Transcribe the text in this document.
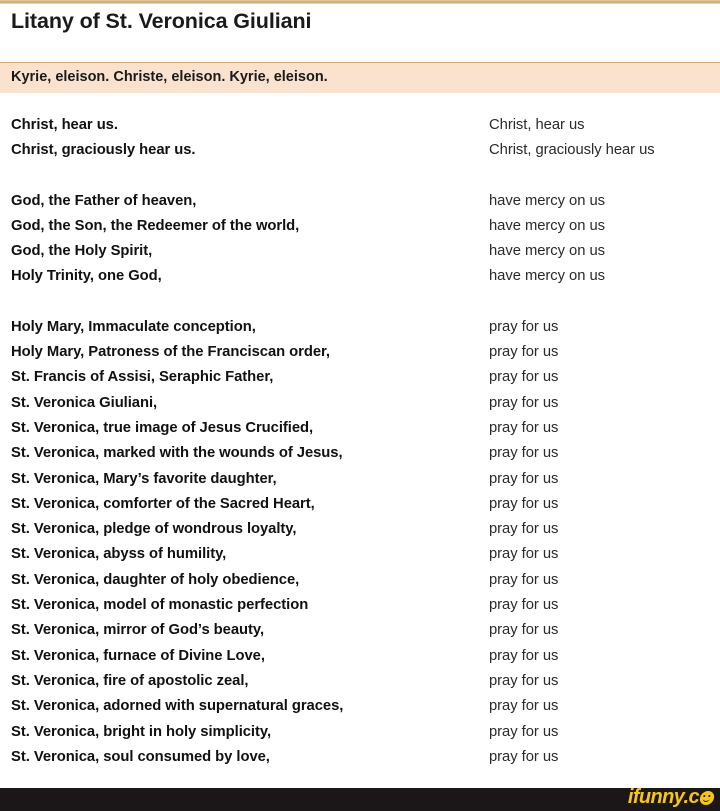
Litany of St. Veronica Giuliani
Kyrie, eleison. Christe, eleison. Kyrie, eleison.
Christ, hear us.	Christ, hear us
Christ, graciously hear us.	Christ, graciously hear us
God, the Father of heaven,	have mercy on us
God, the Son, the Redeemer of the world,	have mercy on us
God, the Holy Spirit,	have mercy on us
Holy Trinity, one God,	have mercy on us
Holy Mary, Immaculate conception,	pray for us
Holy Mary, Patroness of the Franciscan order,	pray for us
St. Francis of Assisi, Seraphic Father,	pray for us
St. Veronica Giuliani,	pray for us
St. Veronica, true image of Jesus Crucified,	pray for us
St. Veronica, marked with the wounds of Jesus,	pray for us
St. Veronica, Mary’s favorite daughter,	pray for us
St. Veronica, comforter of the Sacred Heart,	pray for us
St. Veronica, pledge of wondrous loyalty,	pray for us
St. Veronica, abyss of humility,	pray for us
St. Veronica, daughter of holy obedience,	pray for us
St. Veronica, model of monastic perfection	pray for us
St. Veronica, mirror of God’s beauty,	pray for us
St. Veronica, furnace of Divine Love,	pray for us
St. Veronica, fire of apostolic zeal,	pray for us
St. Veronica, adorned with supernatural graces,	pray for us
St. Veronica, bright in holy simplicity,	pray for us
St. Veronica, soul consumed by love,	pray for us
ifunny.c
